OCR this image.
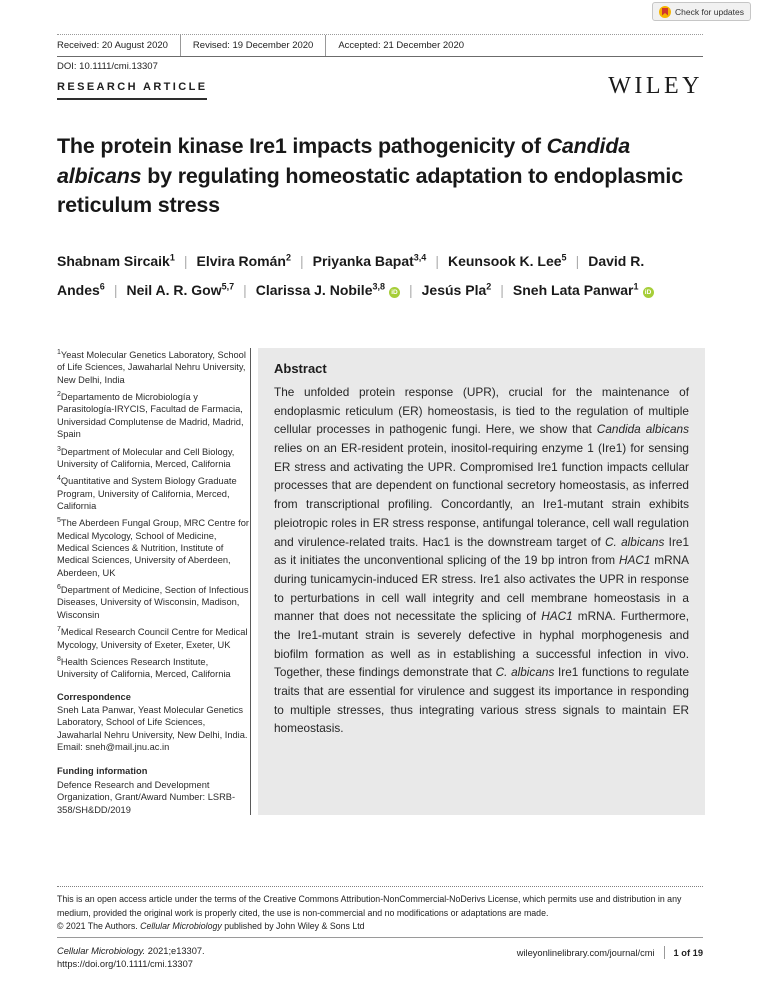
Check for updates
Received: 20 August 2020	Revised: 19 December 2020	Accepted: 21 December 2020
DOI: 10.1111/cmi.13307
RESEARCH ARTICLE	WILEY
The protein kinase Ire1 impacts pathogenicity of Candida albicans by regulating homeostatic adaptation to endoplasmic reticulum stress
Shabnam Sircaik$^1$ | Elvira Román$^2$ | Priyanka Bapat$^{3,4}$ | Keunsook K. Lee$^5$ | David R. Andes$^6$ | Neil A. R. Gow$^{5,7}$ | Clarissa J. Nobile$^{3,8}$iD | Jesús Pla$^2$ | Sneh Lata Panwar$^1$iD
$^1$Yeast Molecular Genetics Laboratory, School of Life Sciences, Jawaharlal Nehru University, New Delhi, India
$^2$Departamento de Microbiología y Parasitología-IRYCIS, Facultad de Farmacia, Universidad Complutense de Madrid, Madrid, Spain
$^3$Department of Molecular and Cell Biology, University of California, Merced, California
$^4$Quantitative and System Biology Graduate Program, University of California, Merced, California
$^5$The Aberdeen Fungal Group, MRC Centre for Medical Mycology, School of Medicine, Medical Sciences & Nutrition, Institute of Medical Sciences, University of Aberdeen, Aberdeen, UK
$^6$Department of Medicine, Section of Infectious Diseases, University of Wisconsin, Madison, Wisconsin
$^7$Medical Research Council Centre for Medical Mycology, University of Exeter, Exeter, UK
$^8$Health Sciences Research Institute, University of California, Merced, California
Correspondence
Sneh Lata Panwar, Yeast Molecular Genetics Laboratory, School of Life Sciences, Jawaharlal Nehru University, New Delhi, India.
Email: sneh@mail.jnu.ac.in
Funding information
Defence Research and Development Organization, Grant/Award Number: LSRB-358/SH&DD/2019
Abstract

The unfolded protein response (UPR), crucial for the maintenance of endoplasmic reticulum (ER) homeostasis, is tied to the regulation of multiple cellular processes in pathogenic fungi. Here, we show that Candida albicans relies on an ER-resident protein, inositol-requiring enzyme 1 (Ire1) for sensing ER stress and activating the UPR. Compromised Ire1 function impacts cellular processes that are dependent on functional secretory homeostasis, as inferred from transcriptional profiling. Concordantly, an Ire1-mutant strain exhibits pleiotropic roles in ER stress response, antifungal tolerance, cell wall regulation and virulence-related traits. Hac1 is the downstream target of C. albicans Ire1 as it initiates the unconventional splicing of the 19 bp intron from HAC1 mRNA during tunicamycin-induced ER stress. Ire1 also activates the UPR in response to perturbations in cell wall integrity and cell membrane homeostasis in a manner that does not necessitate the splicing of HAC1 mRNA. Furthermore, the Ire1-mutant strain is severely defective in hyphal morphogenesis and biofilm formation as well as in establishing a successful infection in vivo. Together, these findings demonstrate that C. albicans Ire1 functions to regulate traits that are essential for virulence and suggest its importance in responding to multiple stresses, thus integrating various stress signals to maintain ER homeostasis.

This is an open access article under the terms of the Creative Commons Attribution-NonCommercial-NoDerivs License, which permits use and distribution in any medium, provided the original work is properly cited, the use is non-commercial and no modifications or adaptations are made.

© 2021 The Authors. Cellular Microbiology published by John Wiley & Sons Ltd

Cellular Microbiology. 2021;e13307.
https://doi.org/10.1111/cmi.13307
wileyonlinelibrary.com/journal/cmi 1 of 19
